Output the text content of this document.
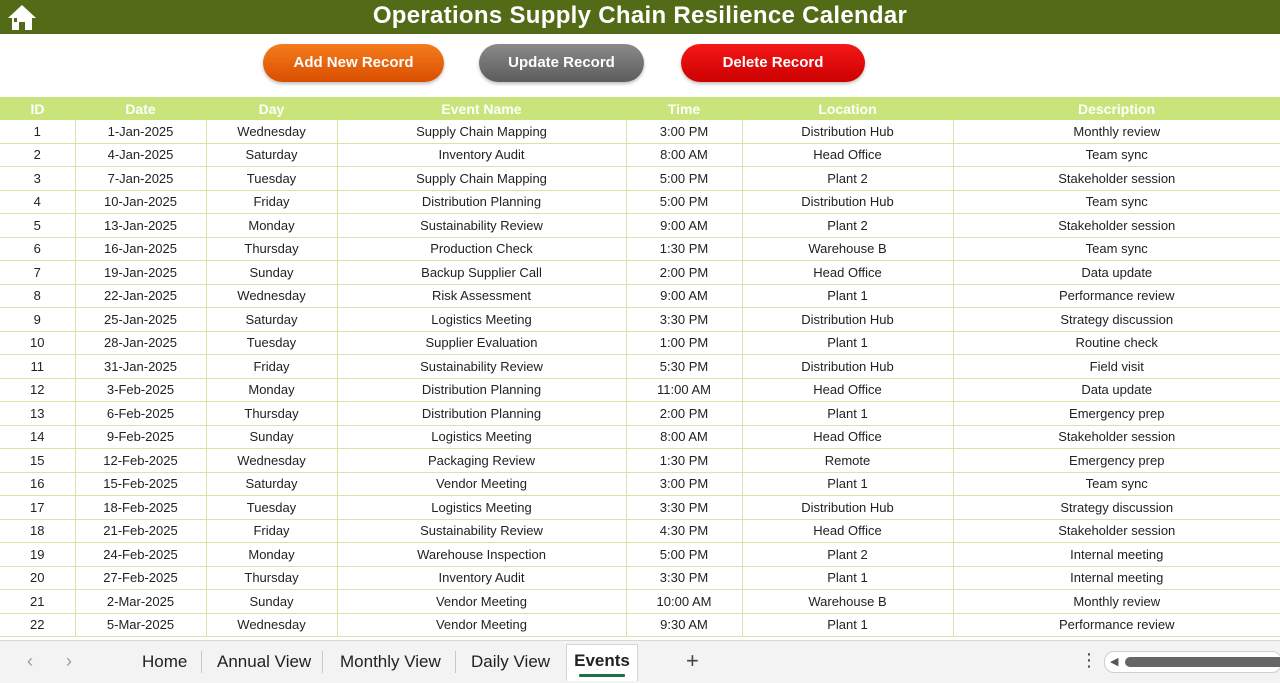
Operations Supply Chain Resilience Calendar
Add New Record	Update Record	Delete Record
ID	Date	Day	Event Name	Time	Location	Description
1	1-Jan-2025	Wednesday	Supply Chain Mapping	3:00 PM	Distribution Hub	Monthly review
2	4-Jan-2025	Saturday	Inventory Audit	8:00 AM	Head Office	Team sync
3	7-Jan-2025	Tuesday	Supply Chain Mapping	5:00 PM	Plant 2	Stakeholder session
4	10-Jan-2025	Friday	Distribution Planning	5:00 PM	Distribution Hub	Team sync
5	13-Jan-2025	Monday	Sustainability Review	9:00 AM	Plant 2	Stakeholder session
6	16-Jan-2025	Thursday	Production Check	1:30 PM	Warehouse B	Team sync
7	19-Jan-2025	Sunday	Backup Supplier Call	2:00 PM	Head Office	Data update
8	22-Jan-2025	Wednesday	Risk Assessment	9:00 AM	Plant 1	Performance review
9	25-Jan-2025	Saturday	Logistics Meeting	3:30 PM	Distribution Hub	Strategy discussion
10	28-Jan-2025	Tuesday	Supplier Evaluation	1:00 PM	Plant 1	Routine check
11	31-Jan-2025	Friday	Sustainability Review	5:30 PM	Distribution Hub	Field visit
12	3-Feb-2025	Monday	Distribution Planning	11:00 AM	Head Office	Data update
13	6-Feb-2025	Thursday	Distribution Planning	2:00 PM	Plant 1	Emergency prep
14	9-Feb-2025	Sunday	Logistics Meeting	8:00 AM	Head Office	Stakeholder session
15	12-Feb-2025	Wednesday	Packaging Review	1:30 PM	Remote	Emergency prep
16	15-Feb-2025	Saturday	Vendor Meeting	3:00 PM	Plant 1	Team sync
17	18-Feb-2025	Tuesday	Logistics Meeting	3:30 PM	Distribution Hub	Strategy discussion
18	21-Feb-2025	Friday	Sustainability Review	4:30 PM	Head Office	Stakeholder session
19	24-Feb-2025	Monday	Warehouse Inspection	5:00 PM	Plant 2	Internal meeting
20	27-Feb-2025	Thursday	Inventory Audit	3:30 PM	Plant 1	Internal meeting
21	2-Mar-2025	Sunday	Vendor Meeting	10:00 AM	Warehouse B	Monthly review
22	5-Mar-2025	Wednesday	Vendor Meeting	9:30 AM	Plant 1	Performance review
‹ ›	Home Annual View Monthly View Daily View	Events	+	⋮ ◀
